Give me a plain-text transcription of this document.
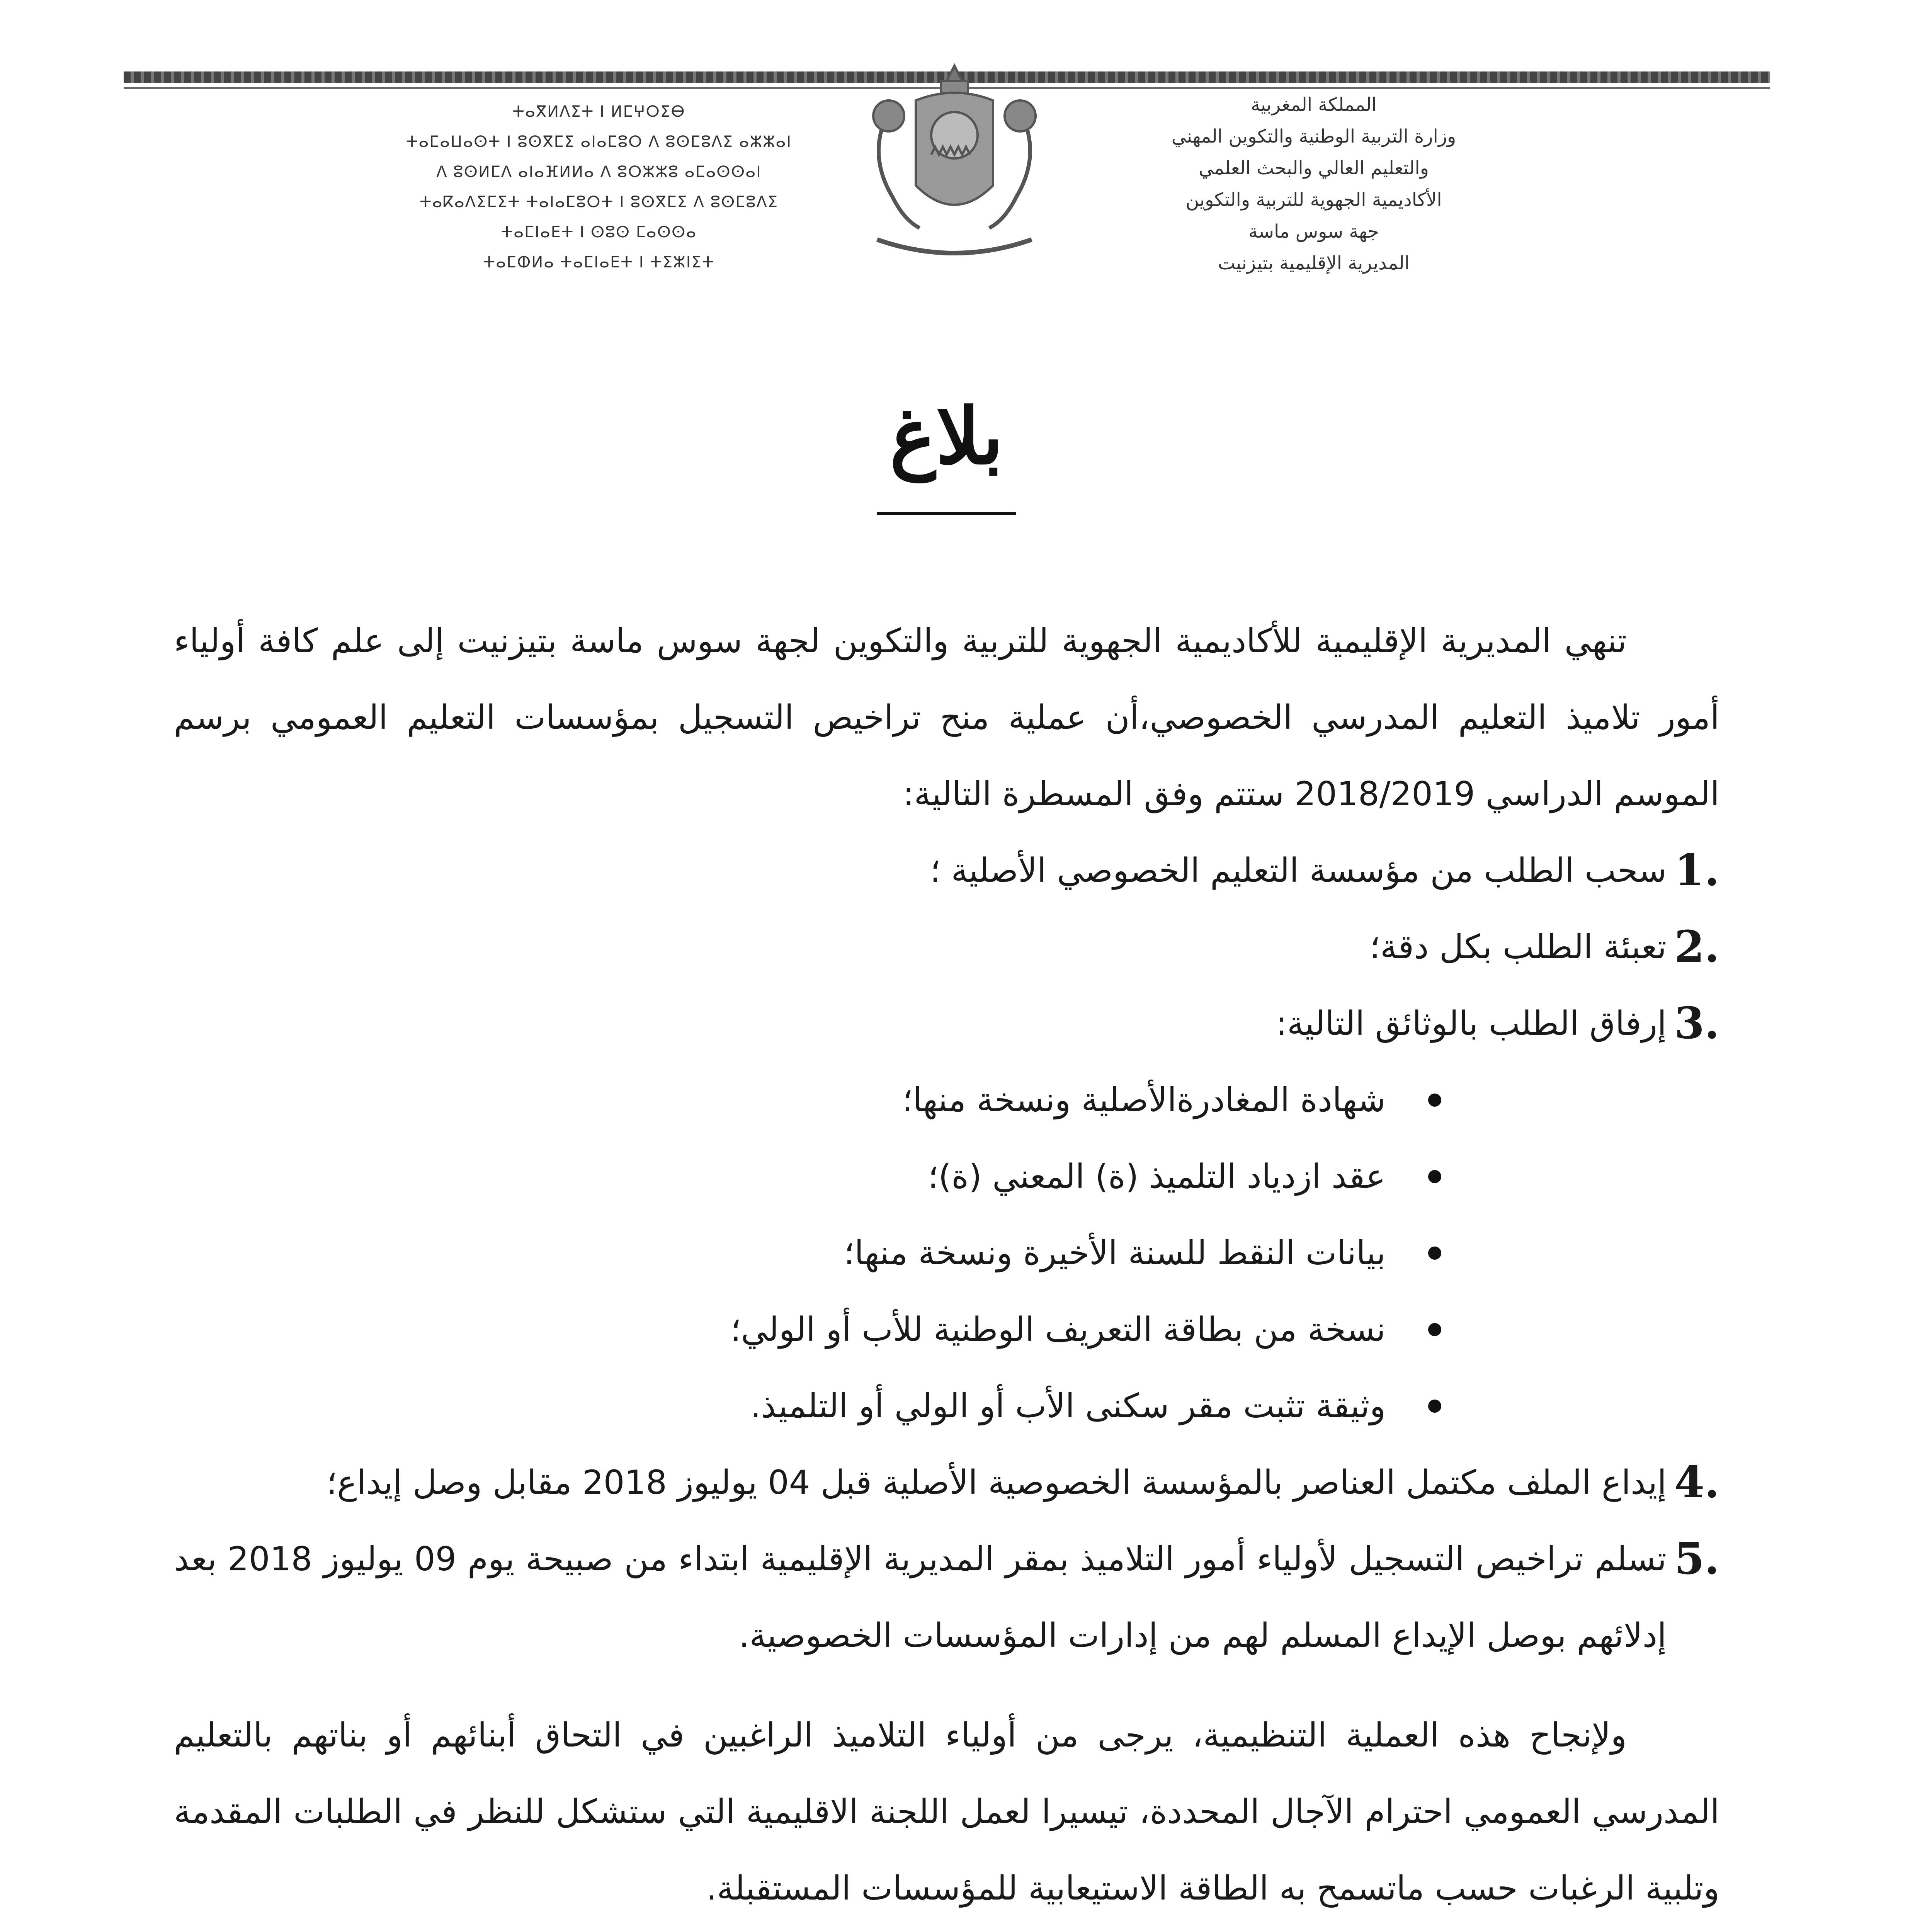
ⵜⴰⴳⵍⴷⵉⵜ ⵏ ⵍⵎⵖⵔⵉⴱ
ⵜⴰⵎⴰⵡⴰⵙⵜ ⵏ ⵓⵙⴳⵎⵉ ⴰⵏⴰⵎⵓⵔ ⴷ ⵓⵙⵎⵓⴷⵉ ⴰⵣⵣⴰⵏ
ⴷ ⵓⵙⵍⵎⴷ ⴰⵏⴰⴼⵍⵍⴰ ⴷ ⵓⵔⵣⵣⵓ ⴰⵎⴰⵙⵙⴰⵏ
ⵜⴰⴽⴰⴷⵉⵎⵉⵜ ⵜⴰⵏⴰⵎⵓⵔⵜ ⵏ ⵓⵙⴳⵎⵉ ⴷ ⵓⵙⵎⵓⴷⵉ
ⵜⴰⵎⵏⴰⴹⵜ ⵏ ⵙⵓⵙ ⵎⴰⵙⵙⴰ
ⵜⴰⵎⵀⵍⴰ ⵜⴰⵎⵏⴰⴹⵜ ⵏ ⵜⵉⵣⵏⵉⵜ
المملكة المغربية
وزارة التربية الوطنية والتكوين المهني
والتعليم العالي والبحث العلمي
الأكاديمية الجهوية للتربية والتكوين
جهة سوس ماسة
المديرية الإقليمية بتيزنيت
بلاغ

تنهي المديرية الإقليمية للأكاديمية الجهوية للتربية والتكوين لجهة سوس ماسة بتيزنيت إلى علم كافة أولياء أمور تلاميذ التعليم المدرسي الخصوصي،أن عملية منح تراخيص التسجيل بمؤسسات التعليم العمومي برسم الموسم الدراسي 2018/2019 ستتم وفق المسطرة التالية:

1.
سحب الطلب من مؤسسة التعليم الخصوصي الأصلية ؛
2.
تعبئة الطلب بكل دقة؛
3.
إرفاق الطلب بالوثائق التالية:
شهادة المغادرةالأصلية ونسخة منها؛
عقد ازدياد التلميذ (ة) المعني (ة)؛
بيانات النقط للسنة الأخيرة ونسخة منها؛
نسخة من بطاقة التعريف الوطنية للأب أو الولي؛
وثيقة تثبت مقر سكنى الأب أو الولي أو التلميذ.
4.
إيداع الملف مكتمل العناصر بالمؤسسة الخصوصية الأصلية قبل 04 يوليوز 2018 مقابل وصل إيداع؛
5.
تسلم تراخيص التسجيل لأولياء أمور التلاميذ بمقر المديرية الإقليمية ابتداء من صبيحة يوم 09 يوليوز 2018 بعد إدلائهم بوصل الإيداع المسلم لهم من إدارات المؤسسات الخصوصية.

ولإنجاح هذه العملية التنظيمية، يرجى من أولياء التلاميذ الراغبين في التحاق أبنائهم أو بناتهم بالتعليم المدرسي العمومي احترام الآجال المحددة، تيسيرا لعمل اللجنة الاقليمية التي ستشكل للنظر في الطلبات المقدمة وتلبية الرغبات حسب ماتسمح به الطاقة الاستيعابية للمؤسسات المستقبلة.
